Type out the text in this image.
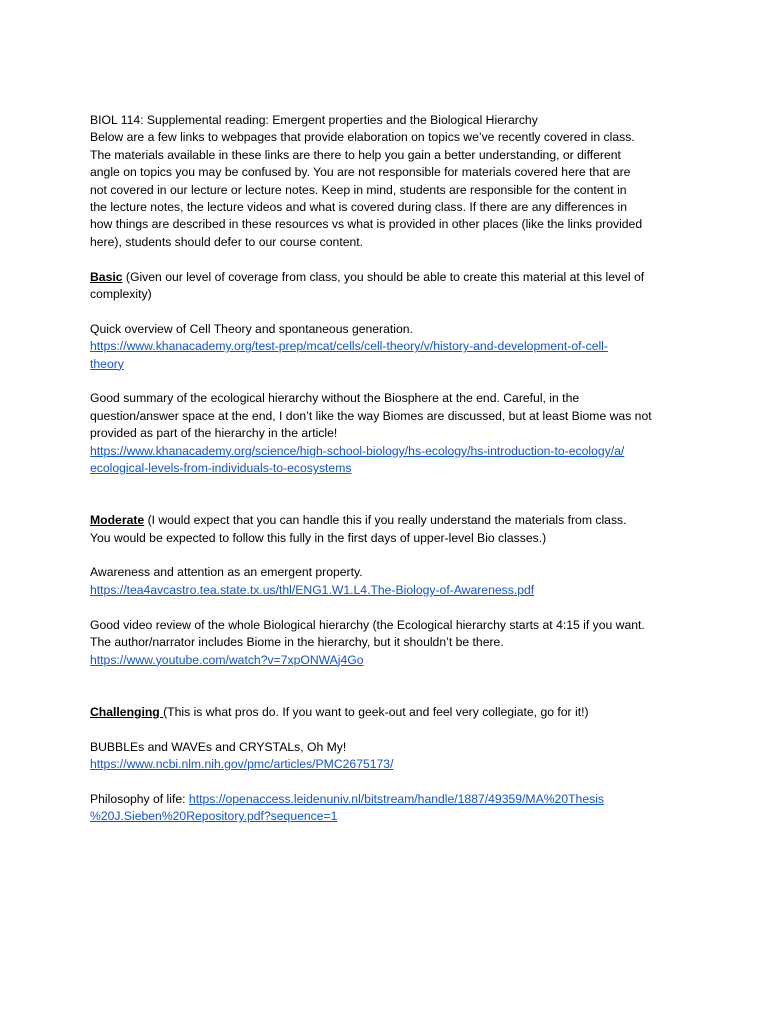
BIOL 114: Supplemental reading: Emergent properties and the Biological Hierarchy
Below are a few links to webpages that provide elaboration on topics we’ve recently covered in class.
The materials available in these links are there to help you gain a better understanding, or different
angle on topics you may be confused by. You are not responsible for materials covered here that are
not covered in our lecture or lecture notes. Keep in mind, students are responsible for the content in
the lecture notes, the lecture videos and what is covered during class. If there are any differences in
how things are described in these resources vs what is provided in other places (like the links provided
here), students should defer to our course content.
Basic (Given our level of coverage from class, you should be able to create this material at this level of
complexity)
Quick overview of Cell Theory and spontaneous generation.
https://www.khanacademy.org/test-prep/mcat/cells/cell-theory/v/history-and-development-of-cell-
theory
Good summary of the ecological hierarchy without the Biosphere at the end. Careful, in the
question/answer space at the end, I don’t like the way Biomes are discussed, but at least Biome was not
provided as part of the hierarchy in the article!
https://www.khanacademy.org/science/high-school-biology/hs-ecology/hs-introduction-to-ecology/a/
ecological-levels-from-individuals-to-ecosystems
Moderate (I would expect that you can handle this if you really understand the materials from class.
You would be expected to follow this fully in the first days of upper-level Bio classes.)
Awareness and attention as an emergent property.
https://tea4avcastro.tea.state.tx.us/thl/ENG1.W1.L4.The-Biology-of-Awareness.pdf
Good video review of the whole Biological hierarchy (the Ecological hierarchy starts at 4:15 if you want.
The author/narrator includes Biome in the hierarchy, but it shouldn’t be there.
https://www.youtube.com/watch?v=7xpONWAj4Go
Challenging (This is what pros do. If you want to geek-out and feel very collegiate, go for it!)
BUBBLEs and WAVEs and CRYSTALs, Oh My!
https://www.ncbi.nlm.nih.gov/pmc/articles/PMC2675173/
Philosophy of life: https://openaccess.leidenuniv.nl/bitstream/handle/1887/49359/MA%20Thesis
%20J.Sieben%20Repository.pdf?sequence=1
